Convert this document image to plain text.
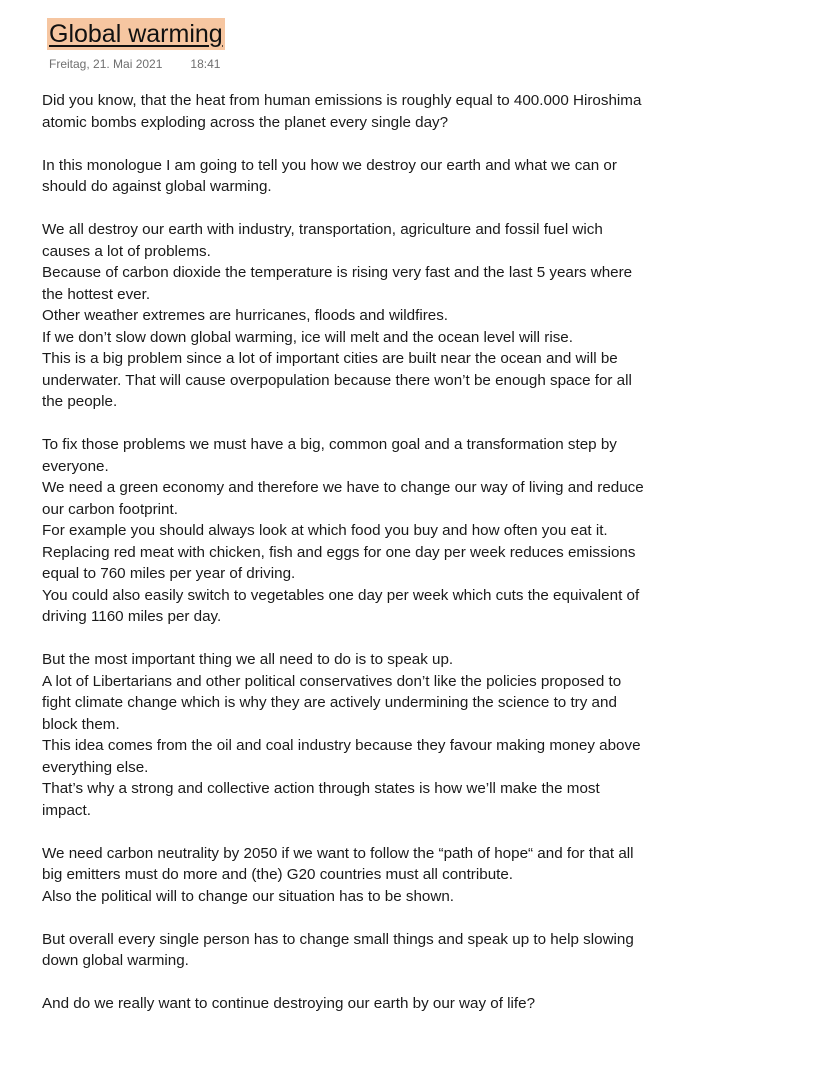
Global warming
Freitag, 21. Mai 2021 18:41

Did you know, that the heat from human emissions is roughly equal to 400.000 Hiroshima
atomic bombs exploding across the planet every single day?

In this monologue I am going to tell you how we destroy our earth and what we can or
should do against global warming.

We all destroy our earth with industry, transportation, agriculture and fossil fuel wich
causes a lot of problems.
Because of carbon dioxide the temperature is rising very fast and the last 5 years where
the hottest ever.
Other weather extremes are hurricanes, floods and wildfires.
If we don’t slow down global warming, ice will melt and the ocean level will rise.
This is a big problem since a lot of important cities are built near the ocean and will be
underwater. That will cause overpopulation because there won’t be enough space for all
the people.

To fix those problems we must have a big, common goal and a transformation step by
everyone.
We need a green economy and therefore we have to change our way of living and reduce
our carbon footprint.
For example you should always look at which food you buy and how often you eat it.
Replacing red meat with chicken, fish and eggs for one day per week reduces emissions
equal to 760 miles per year of driving.
You could also easily switch to vegetables one day per week which cuts the equivalent of
driving 1160 miles per day.

But the most important thing we all need to do is to speak up.
A lot of Libertarians and other political conservatives don’t like the policies proposed to
fight climate change which is why they are actively undermining the science to try and
block them.
This idea comes from the oil and coal industry because they favour making money above
everything else.
That’s why a strong and collective action through states is how we’ll make the most
impact.

We need carbon neutrality by 2050 if we want to follow the “path of hope“ and for that all
big emitters must do more and (the) G20 countries must all contribute.
Also the political will to change our situation has to be shown.

But overall every single person has to change small things and speak up to help slowing
down global warming.

And do we really want to continue destroying our earth by our way of life?
